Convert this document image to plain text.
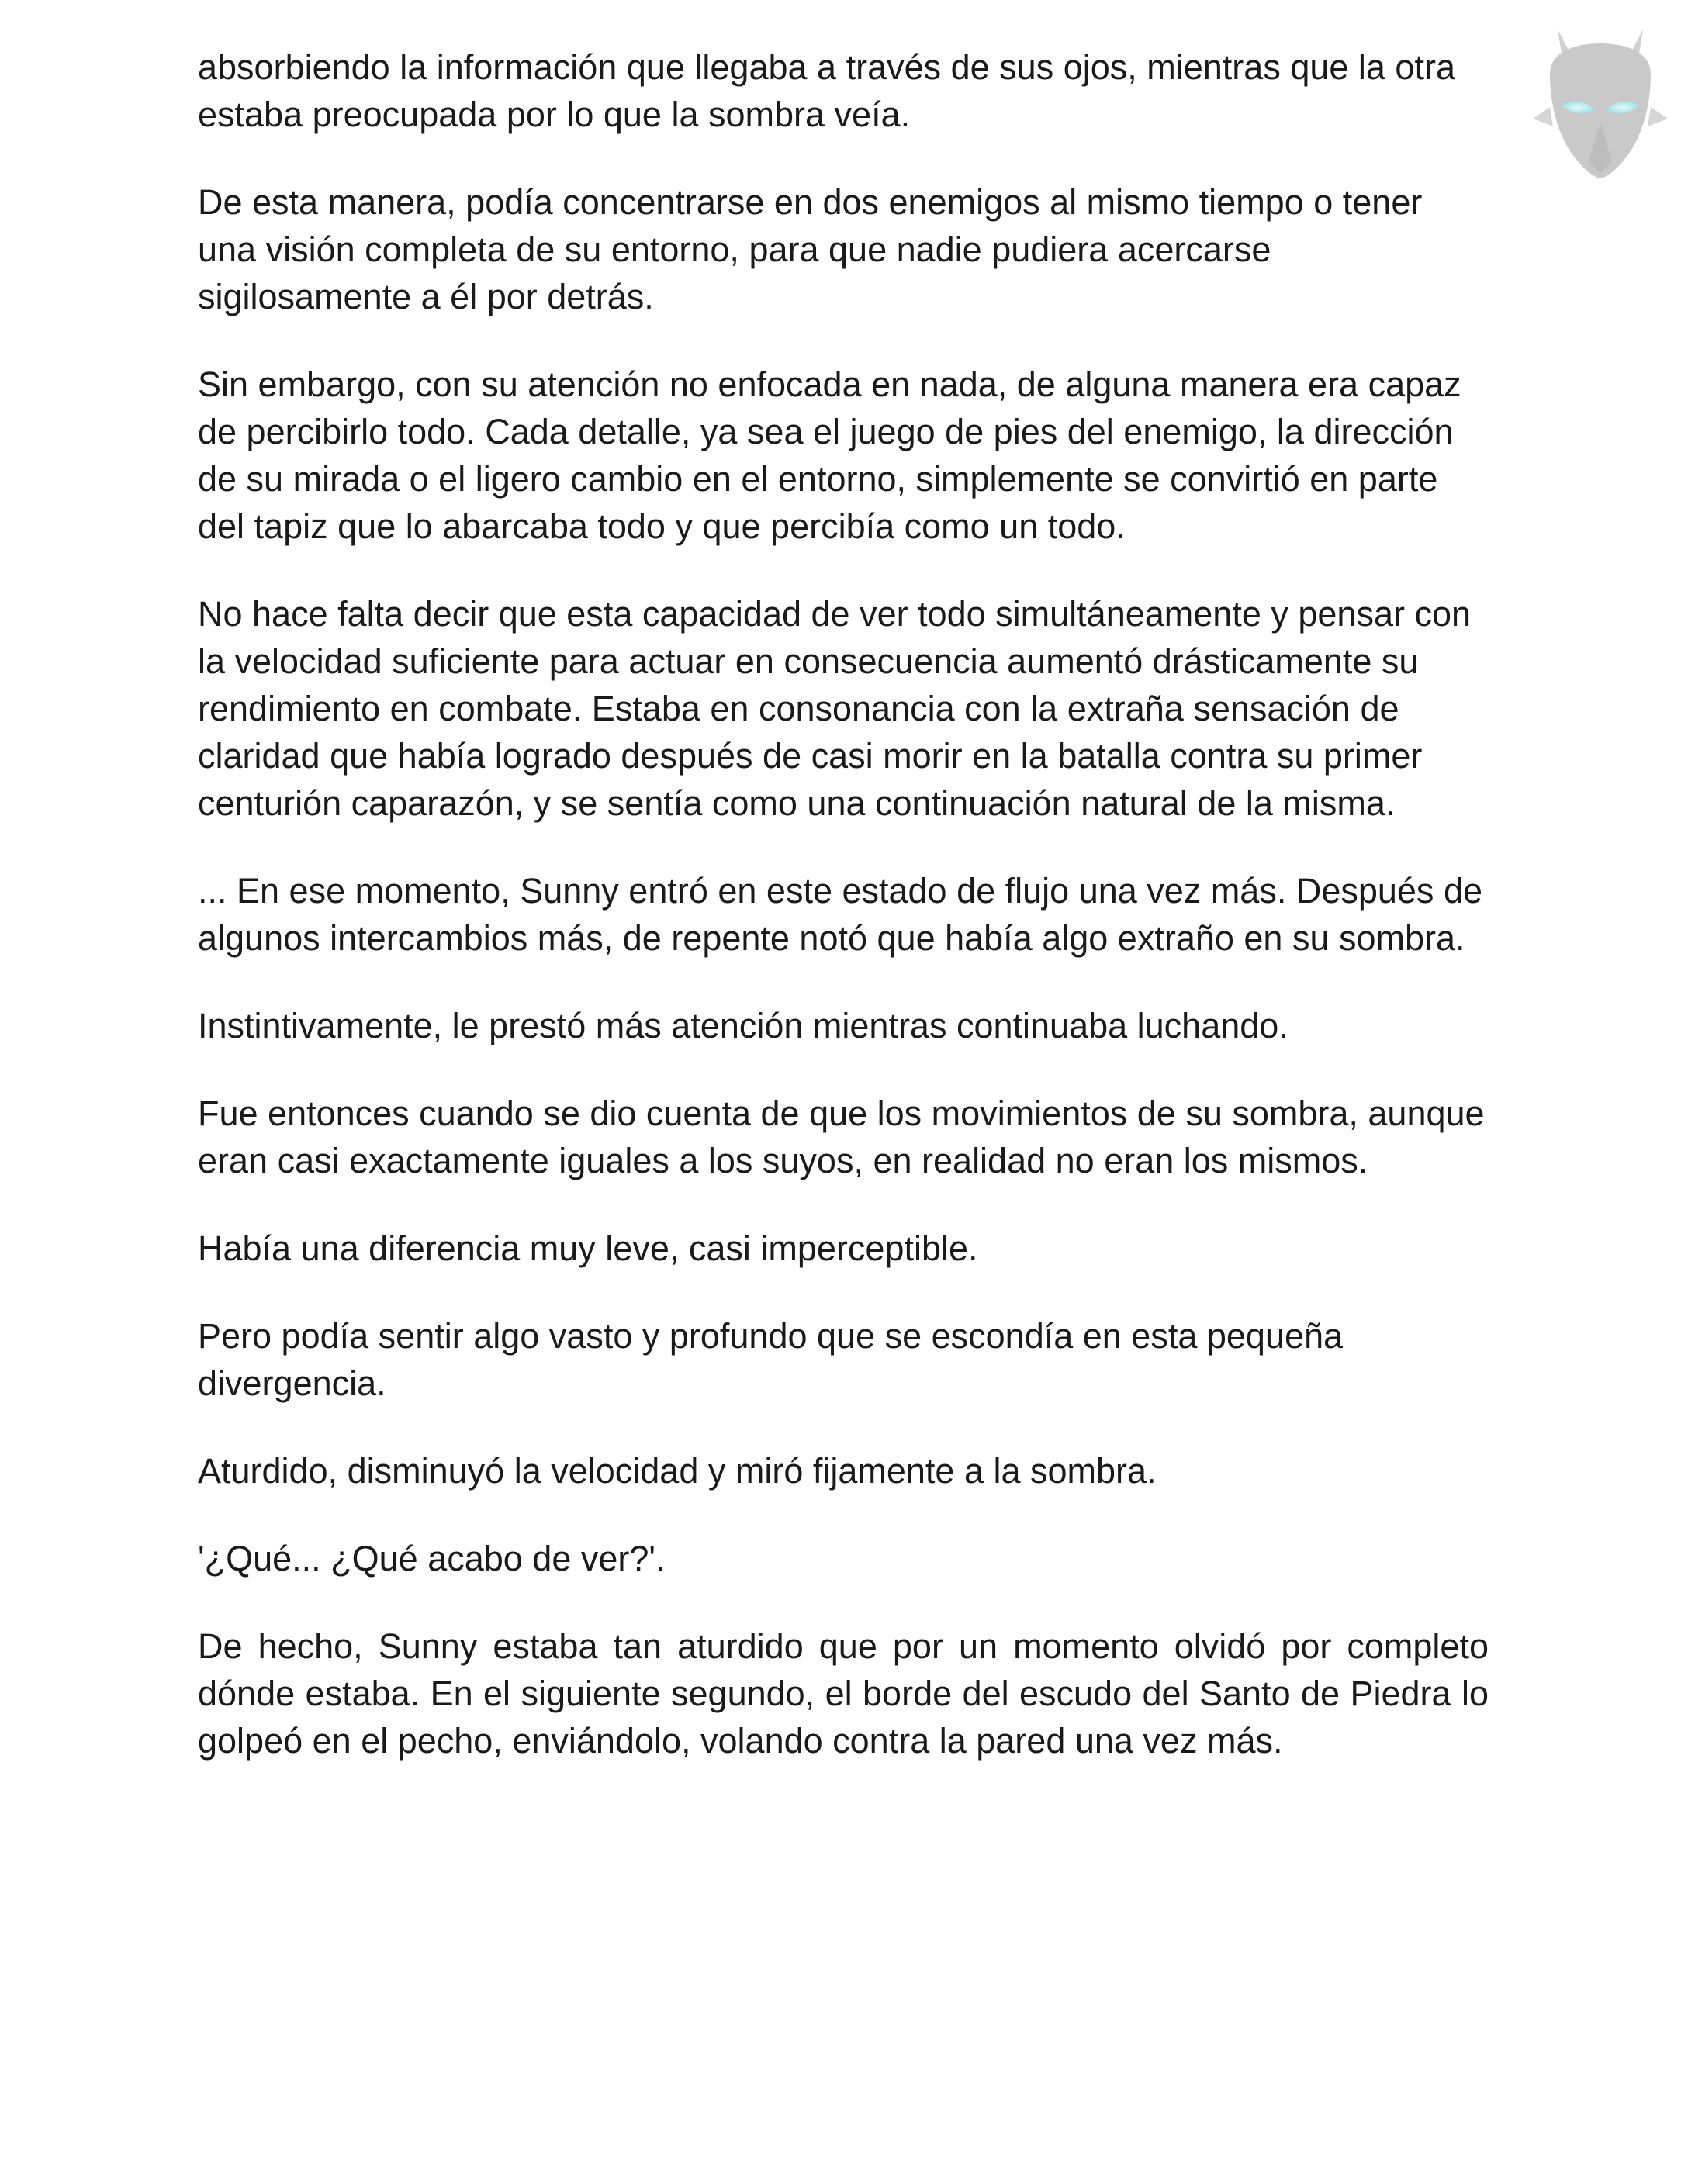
absorbiendo la información que llegaba a través de sus ojos, mientras que la otra estaba preocupada por lo que la sombra veía.

De esta manera, podía concentrarse en dos enemigos al mismo tiempo o tener una visión completa de su entorno, para que nadie pudiera acercarse sigilosamente a él por detrás.

Sin embargo, con su atención no enfocada en nada, de alguna manera era capaz de percibirlo todo. Cada detalle, ya sea el juego de pies del enemigo, la dirección de su mirada o el ligero cambio en el entorno, simplemente se convirtió en parte del tapiz que lo abarcaba todo y que percibía como un todo.

No hace falta decir que esta capacidad de ver todo simultáneamente y pensar con la velocidad suficiente para actuar en consecuencia aumentó drásticamente su rendimiento en combate. Estaba en consonancia con la extraña sensación de claridad que había logrado después de casi morir en la batalla contra su primer centurión caparazón, y se sentía como una continuación natural de la misma.

... En ese momento, Sunny entró en este estado de flujo una vez más. Después de algunos intercambios más, de repente notó que había algo extraño en su sombra.

Instintivamente, le prestó más atención mientras continuaba luchando.

Fue entonces cuando se dio cuenta de que los movimientos de su sombra, aunque eran casi exactamente iguales a los suyos, en realidad no eran los mismos.

Había una diferencia muy leve, casi imperceptible.

Pero podía sentir algo vasto y profundo que se escondía en esta pequeña divergencia.

Aturdido, disminuyó la velocidad y miró fijamente a la sombra.

'¿Qué... ¿Qué acabo de ver?'.

De hecho, Sunny estaba tan aturdido que por un momento olvidó por completo dónde estaba. En el siguiente segundo, el borde del escudo del Santo de Piedra lo golpeó en el pecho, enviándolo, volando contra la pared una vez más.
